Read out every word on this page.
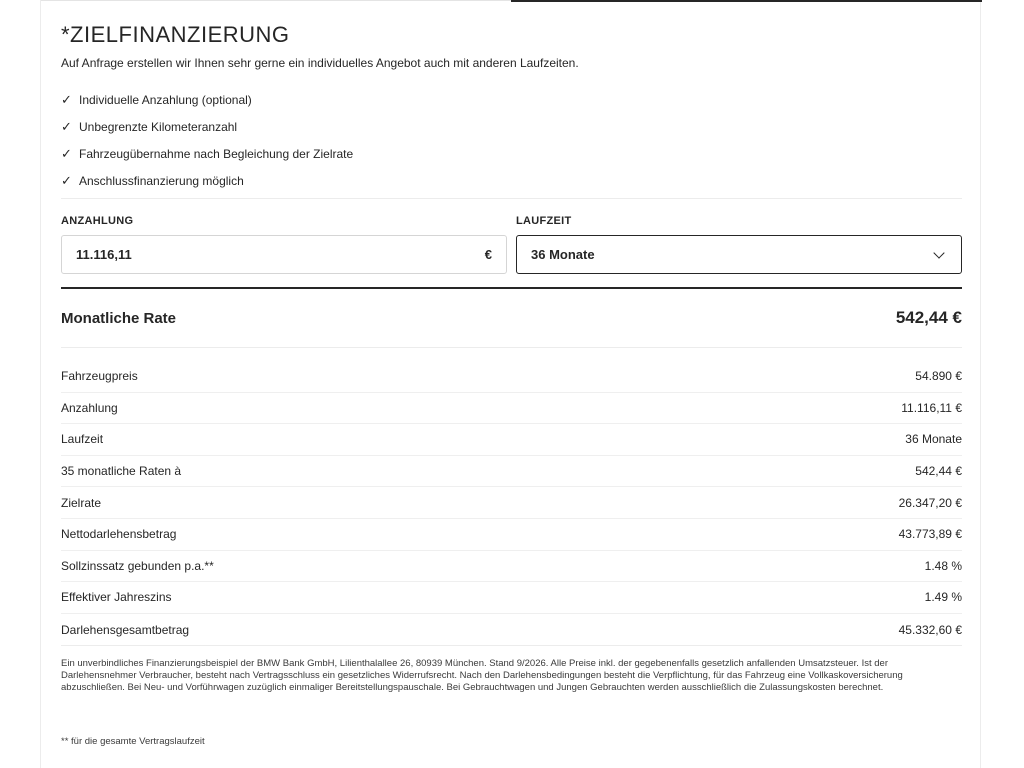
*ZIELFINANZIERUNG

Auf Anfrage erstellen wir Ihnen sehr gerne ein individuelles Angebot auch mit anderen Laufzeiten.

✓ Individuelle Anzahlung (optional)
✓ Unbegrenzte Kilometeranzahl
✓ Fahrzeugübernahme nach Begleichung der Zielrate
✓ Anschlussfinanzierung möglich
ANZAHLUNG	LAUFZEIT
11.116,11	€	36 Monate
Monatliche Rate	542,44 €
Fahrzeugpreis	54.890 €
Anzahlung	11.116,11 €
Laufzeit	36 Monate
35 monatliche Raten à	542,44 €
Zielrate	26.347,20 €
Nettodarlehensbetrag	43.773,89 €
Sollzinssatz gebunden p.a.**	1.48 %
Effektiver Jahreszins	1.49 %
Darlehensgesamtbetrag	45.332,60 €

Ein unverbindliches Finanzierungsbeispiel der BMW Bank GmbH, Lilienthalallee 26, 80939 München. Stand 9/2026. Alle Preise inkl. der gegebenenfalls gesetzlich anfallenden Umsatzsteuer. Ist der Darlehensnehmer Verbraucher, besteht nach Vertragsschluss ein gesetzliches Widerrufsrecht. Nach den Darlehensbedingungen besteht die Verpflichtung, für das Fahrzeug eine Vollkaskoversicherung abzuschließen. Bei Neu- und Vorführwagen zuzüglich einmaliger Bereitstellungspauschale. Bei Gebrauchtwagen und Jungen Gebrauchten werden ausschließlich die Zulassungskosten berechnet.

** für die gesamte Vertragslaufzeit
